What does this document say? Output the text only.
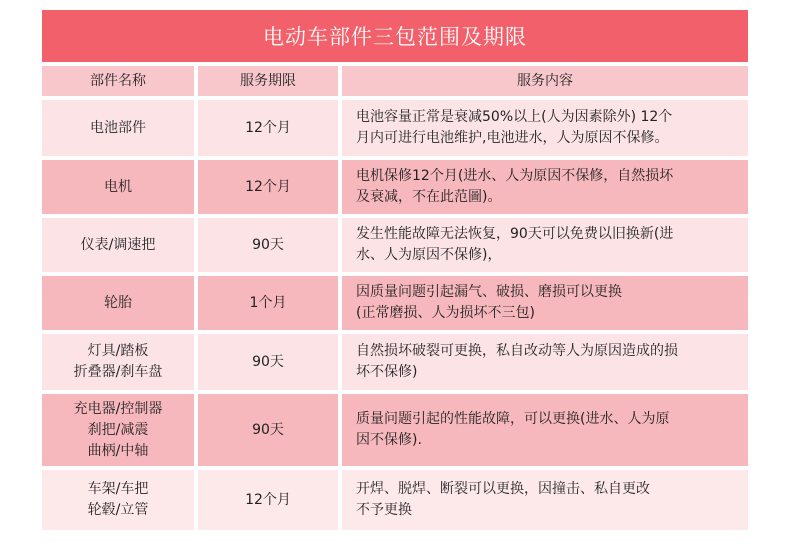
电动车部件三包范围及期限
部件名称	服务期限	服务内容

电池部件	12个月	电池容量正常是衰减50%以上(人为因素除外) 12个
月内可进行电池维护,电池进水，人为原因不保修。

电机	12个月	电机保修12个月(进水、人为原因不保修，自然损坏
及衰减，不在此范圖)。

仪表/调速把	90天	发生性能故障无法恢复，90天可以免费以旧换新(进
水、人为原因不保修)，

轮胎	1个月	因质量问题引起漏气、破损、磨损可以更换
(正常磨损、人为损坏不三包)

灯具/踏板
折叠器/刹车盘	90天	自然损坏破裂可更换，私自改动等人为原因造成的损
坏不保修)

充电器/控制器
刹把/减震
曲柄/中轴	90天	质量问题引起的性能故障，可以更换(进水、人为原
因不保修).

车架/车把
轮毂/立管	12个月	开焊、脱焊、断裂可以更换，因撞击、私自更改
不予更换
